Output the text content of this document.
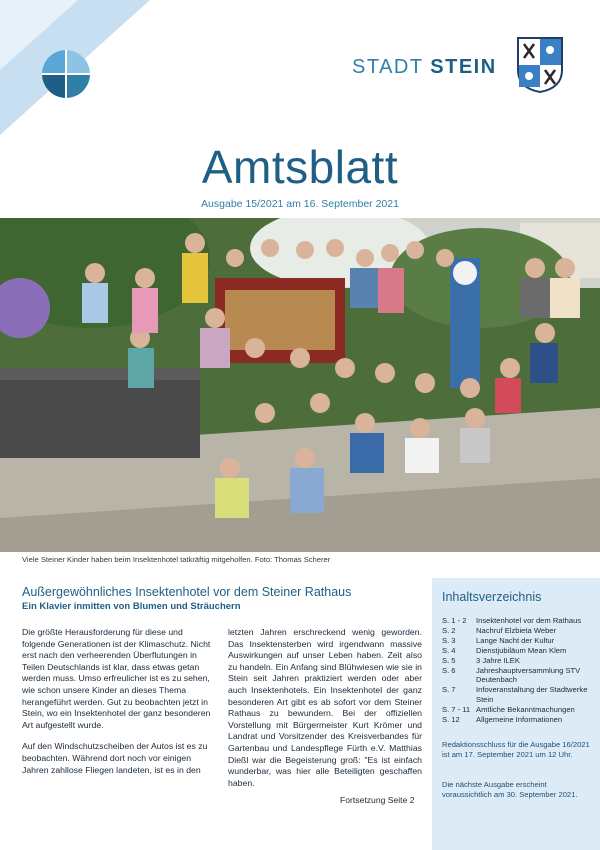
STADT STEIN
Amtsblatt
Ausgabe 15/2021 am 16. September 2021
Viele Steiner Kinder haben beim Insektenhotel tatkräftig mitgeholfen. Foto: Thomas Scherer
Außergewöhnliches Insektenhotel vor dem Steiner Rathaus
Ein Klavier inmitten von Blumen und Sträuchern

Die größte Herausforderung für diese und folgende Generationen ist der Klimaschutz. Nicht erst nach den verheerenden Überflutungen in Teilen Deutschlands ist klar, dass etwas getan werden muss. Umso erfreulicher ist es zu sehen, wie schon unsere Kinder an dieses Thema herangeführt werden. Gut zu beobachten jetzt in Stein, wo ein Insektenhotel der ganz besonderen Art aufgestellt wurde.

Auf den Windschutzscheiben der Autos ist es zu beobachten. Während dort noch vor einigen Jahren zahllose Fliegen landeten, ist es in den

letzten Jahren erschreckend wenig geworden. Das Insektensterben wird irgendwann massive Auswirkungen auf unser Leben haben. Zeit also zu handeln. Ein Anfang sind Blühwiesen wie sie in Stein seit Jahren praktiziert werden oder aber auch Insektenhotels. Ein Insektenhotel der ganz besonderen Art gibt es ab sofort vor dem Steiner Rathaus zu bewundern. Bei der offiziellen Vorstellung mit Bürgermeister Kurt Krömer und Landrat und Vorsitzender des Kreisverbandes für Gartenbau und Landespflege Fürth e.V. Matthias Dießl war die Begeisterung groß: "Es ist einfach wunderbar, was hier alle Beteiligten geschaffen haben.

Fortsetzung Seite 2
Inhaltsverzeichnis
S. 1 - 2	Insektenhotel vor dem Rathaus
S. 2	Nachruf Elzbieta Weber
S. 3	Lange Nacht der Kultur
S. 4	Dienstjubiläum Mean Klem
S. 5	3 Jahre ILEK
S. 6	Jahreshauptversammlung STV Deutenbach
S. 7	Infoveranstaltung der Stadtwerke Stein
S. 7 - 11 Amtliche Bekanntmachungen
S. 12	Allgemeine Informationen
Redaktionsschluss für die Ausgabe 16/2021 ist am 17. September 2021 um 12 Uhr.
Die nächste Ausgabe erscheint voraussichtlich am 30. September 2021.
